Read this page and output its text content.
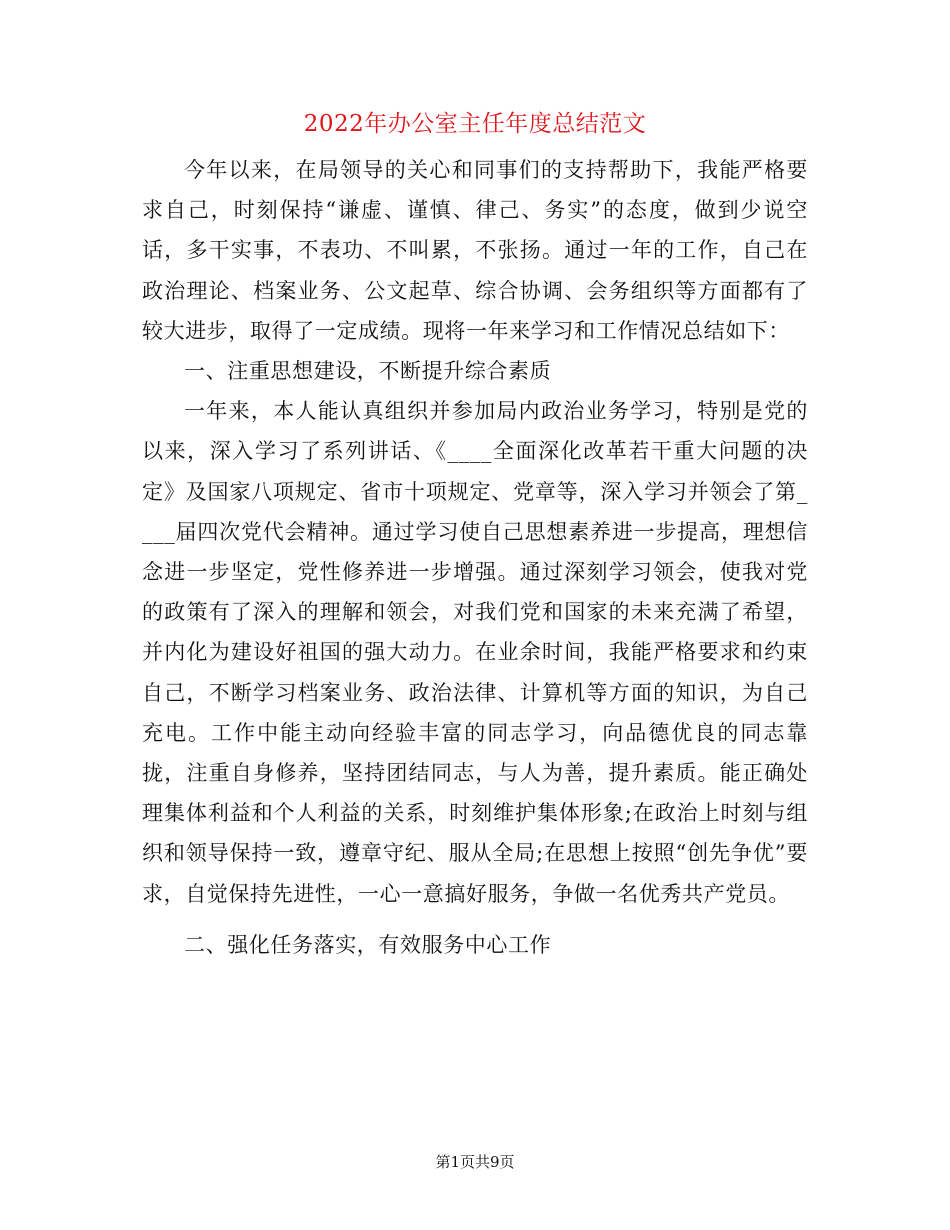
2022年办公室主任年度总结范文

今年以来，在局领导的关心和同事们的支持帮助下，我能严格要求自己，时刻保持“谦虚、谨慎、律己、务实”的态度，做到少说空话，多干实事，不表功、不叫累，不张扬。通过一年的工作，自己在政治理论、档案业务、公文起草、综合协调、会务组织等方面都有了较大进步，取得了一定成绩。现将一年来学习和工作情况总结如下：

一、注重思想建设，不断提升综合素质

一年来，本人能认真组织并参加局内政治业务学习，特别是党的以来，深入学习了系列讲话、《____全面深化改革若干重大问题的决定》及国家八项规定、省市十项规定、党章等，深入学习并领会了第____届四次党代会精神。通过学习使自己思想素养进一步提高，理想信念进一步坚定，党性修养进一步增强。通过深刻学习领会，使我对党的政策有了深入的理解和领会，对我们党和国家的未来充满了希望，并内化为建设好祖国的强大动力。在业余时间，我能严格要求和约束自己，不断学习档案业务、政治法律、计算机等方面的知识，为自己充电。工作中能主动向经验丰富的同志学习，向品德优良的同志靠拢，注重自身修养，坚持团结同志，与人为善，提升素质。能正确处理集体利益和个人利益的关系，时刻维护集体形象;在政治上时刻与组织和领导保持一致，遵章守纪、服从全局;在思想上按照“创先争优”要求，自觉保持先进性，一心一意搞好服务，争做一名优秀共产党员。

二、强化任务落实，有效服务中心工作

第1页共9页
